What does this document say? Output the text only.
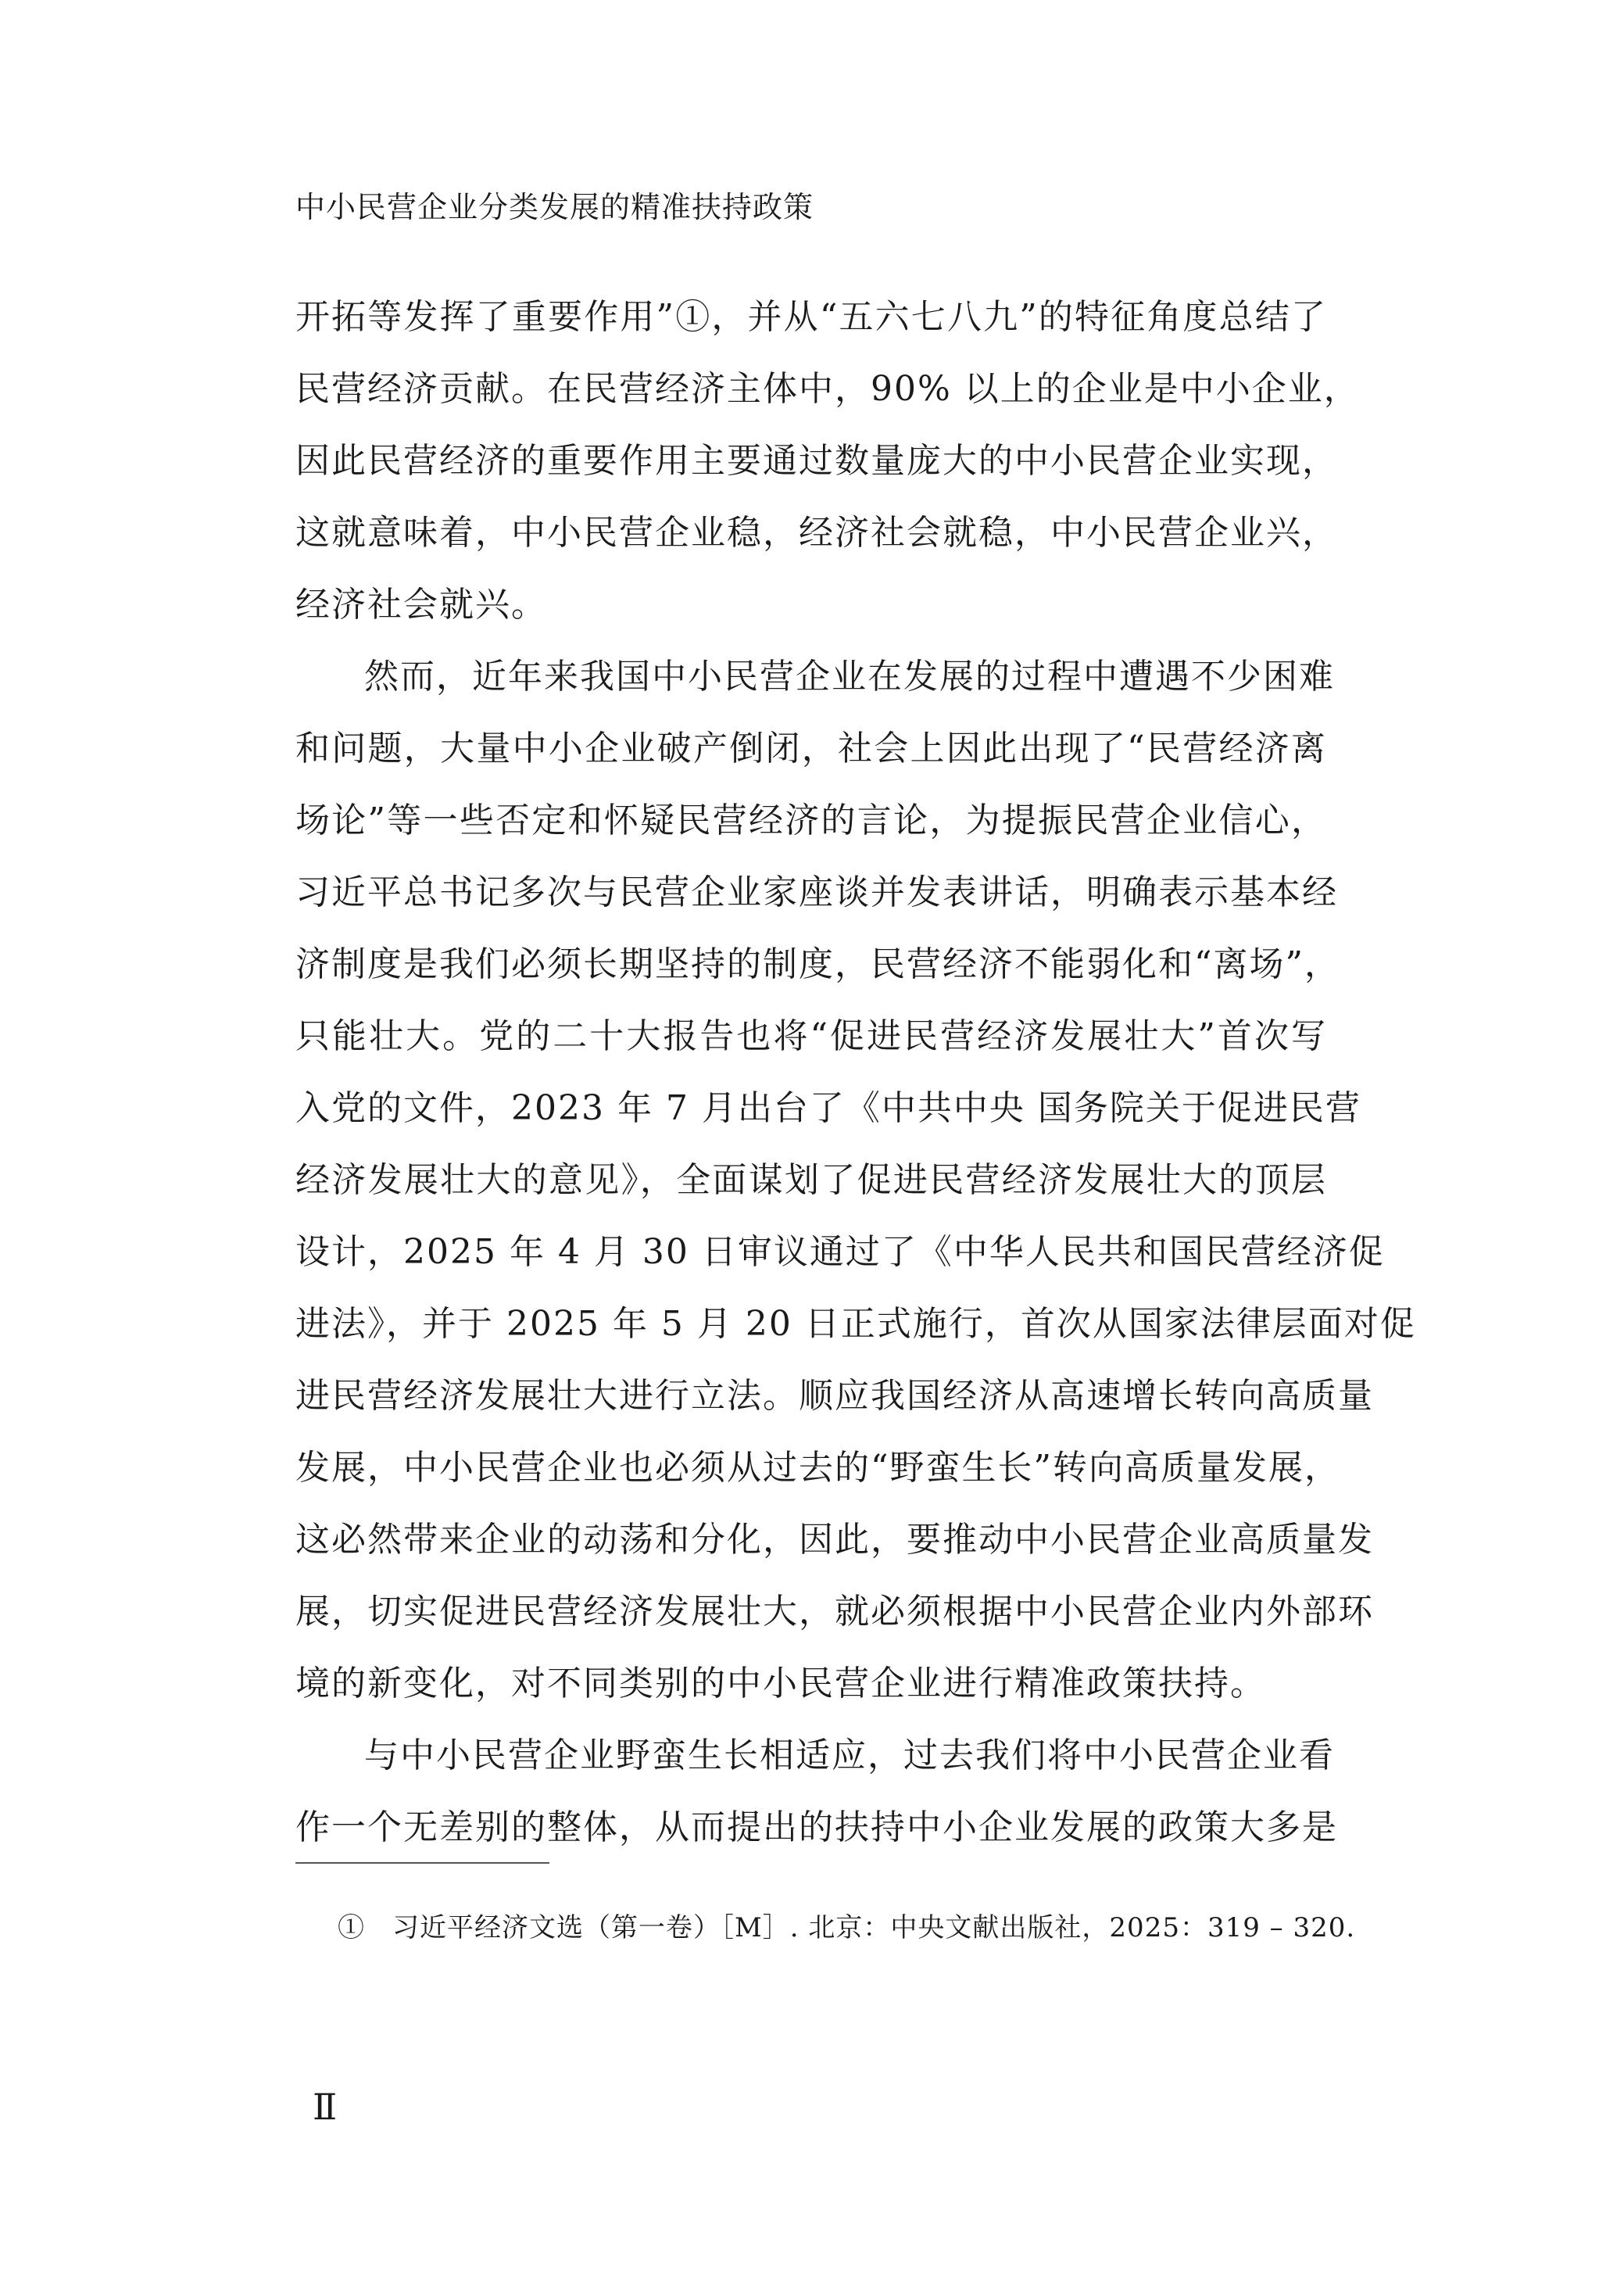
中小民营企业分类发展的精准扶持政策
开拓等发挥了重要作用”①，并从“五六七八九”的特征角度总结了
民营经济贡献。在民营经济主体中，90% 以上的企业是中小企业，
因此民营经济的重要作用主要通过数量庞大的中小民营企业实现，
这就意味着，中小民营企业稳，经济社会就稳，中小民营企业兴，
经济社会就兴。
然而，近年来我国中小民营企业在发展的过程中遭遇不少困难
和问题，大量中小企业破产倒闭，社会上因此出现了“民营经济离
场论”等一些否定和怀疑民营经济的言论，为提振民营企业信心，
习近平总书记多次与民营企业家座谈并发表讲话，明确表示基本经
济制度是我们必须长期坚持的制度，民营经济不能弱化和“离场”，
只能壮大。党的二十大报告也将“促进民营经济发展壮大”首次写
入党的文件，2023 年 7 月出台了《中共中央 国务院关于促进民营
经济发展壮大的意见》，全面谋划了促进民营经济发展壮大的顶层
设计，2025 年 4 月 30 日审议通过了《中华人民共和国民营经济促
进法》，并于 2025 年 5 月 20 日正式施行，首次从国家法律层面对促
进民营经济发展壮大进行立法。顺应我国经济从高速增长转向高质量
发展，中小民营企业也必须从过去的“野蛮生长”转向高质量发展，
这必然带来企业的动荡和分化，因此，要推动中小民营企业高质量发
展，切实促进民营经济发展壮大，就必须根据中小民营企业内外部环
境的新变化，对不同类别的中小民营企业进行精准政策扶持。
与中小民营企业野蛮生长相适应，过去我们将中小民营企业看
作一个无差别的整体，从而提出的扶持中小企业发展的政策大多是
①　习近平经济文选（第一卷）［M］. 北京：中央文献出版社，2025：319 – 320.
Ⅱ
